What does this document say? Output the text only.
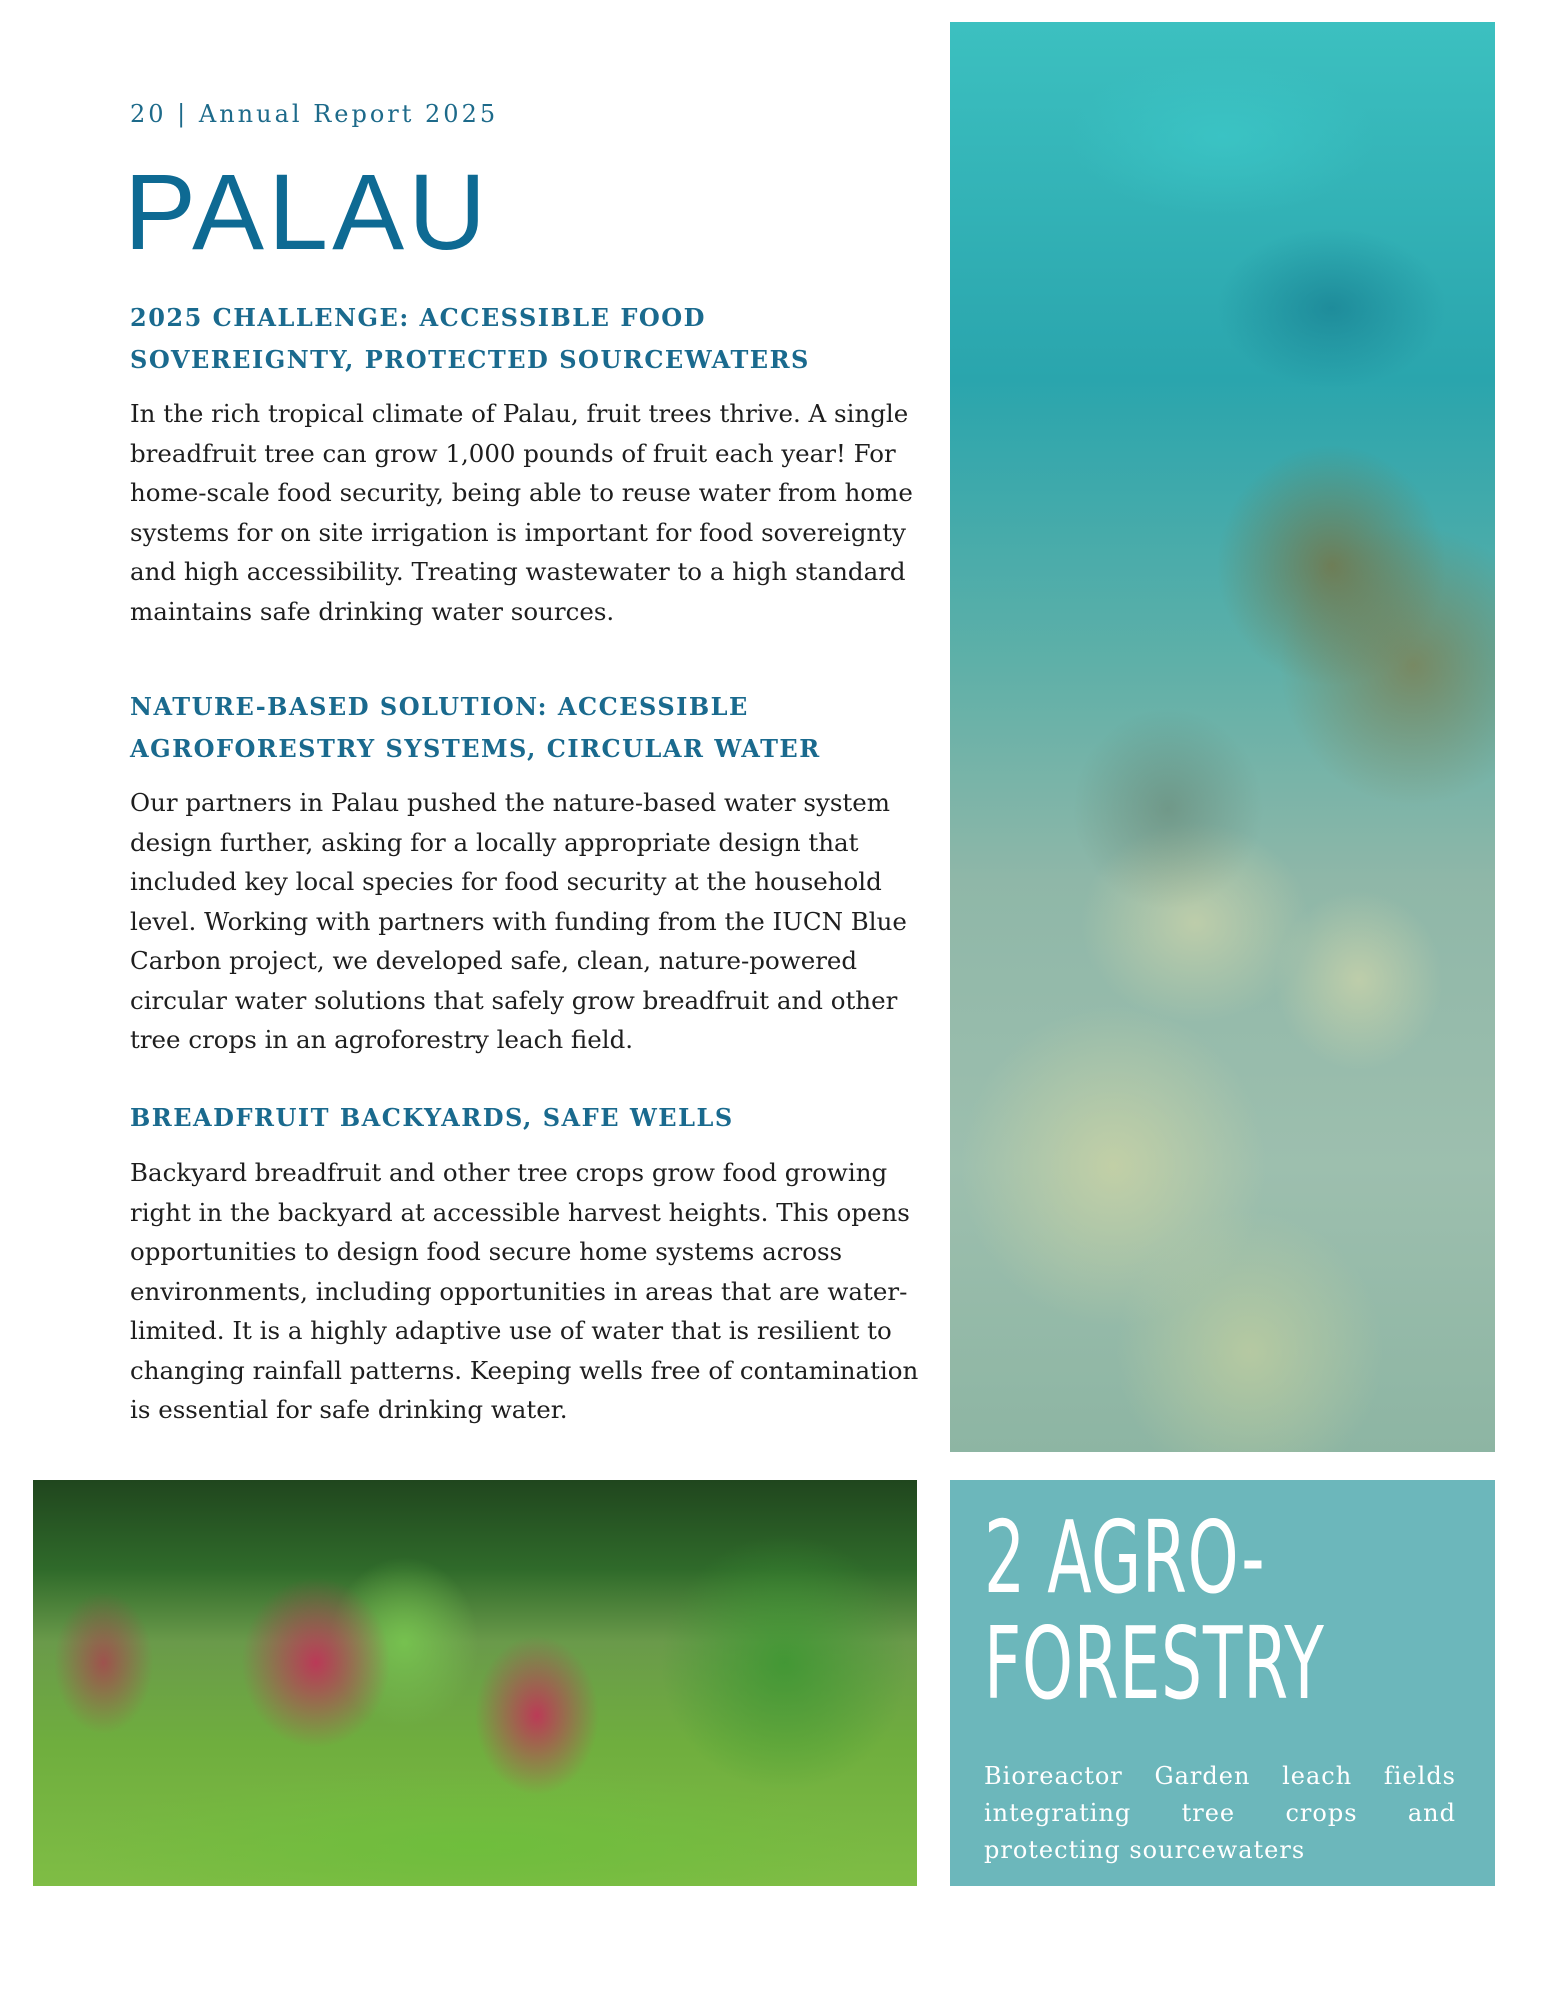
20 | Annual Report 2025
PALAU
2025 CHALLENGE: ACCESSIBLE FOOD SOVEREIGNTY, PROTECTED SOURCEWATERS
In the rich tropical climate of Palau, fruit trees thrive. A single breadfruit tree can grow 1,000 pounds of fruit each year! For home-scale food security, being able to reuse water from home systems for on site irrigation is important for food sovereignty and high accessibility. Treating wastewater to a high standard maintains safe drinking water sources.
NATURE-BASED SOLUTION: ACCESSIBLE AGROFORESTRY SYSTEMS, CIRCULAR WATER
Our partners in Palau pushed the nature-based water system design further, asking for a locally appropriate design that included key local species for food security at the household level. Working with partners with funding from the IUCN Blue Carbon project, we developed safe, clean, nature-powered circular water solutions that safely grow breadfruit and other tree crops in an agroforestry leach field.
BREADFRUIT BACKYARDS, SAFE WELLS
Backyard breadfruit and other tree crops grow food growing right in the backyard at accessible harvest heights. This opens opportunities to design food secure home systems across environments, including opportunities in areas that are water-limited. It is a highly adaptive use of water that is resilient to changing rainfall patterns. Keeping wells free of contamination is essential for safe drinking water.
2 AGRO-
FORESTRY
Bioreactor Garden leach fields integrating tree crops and protecting sourcewaters
